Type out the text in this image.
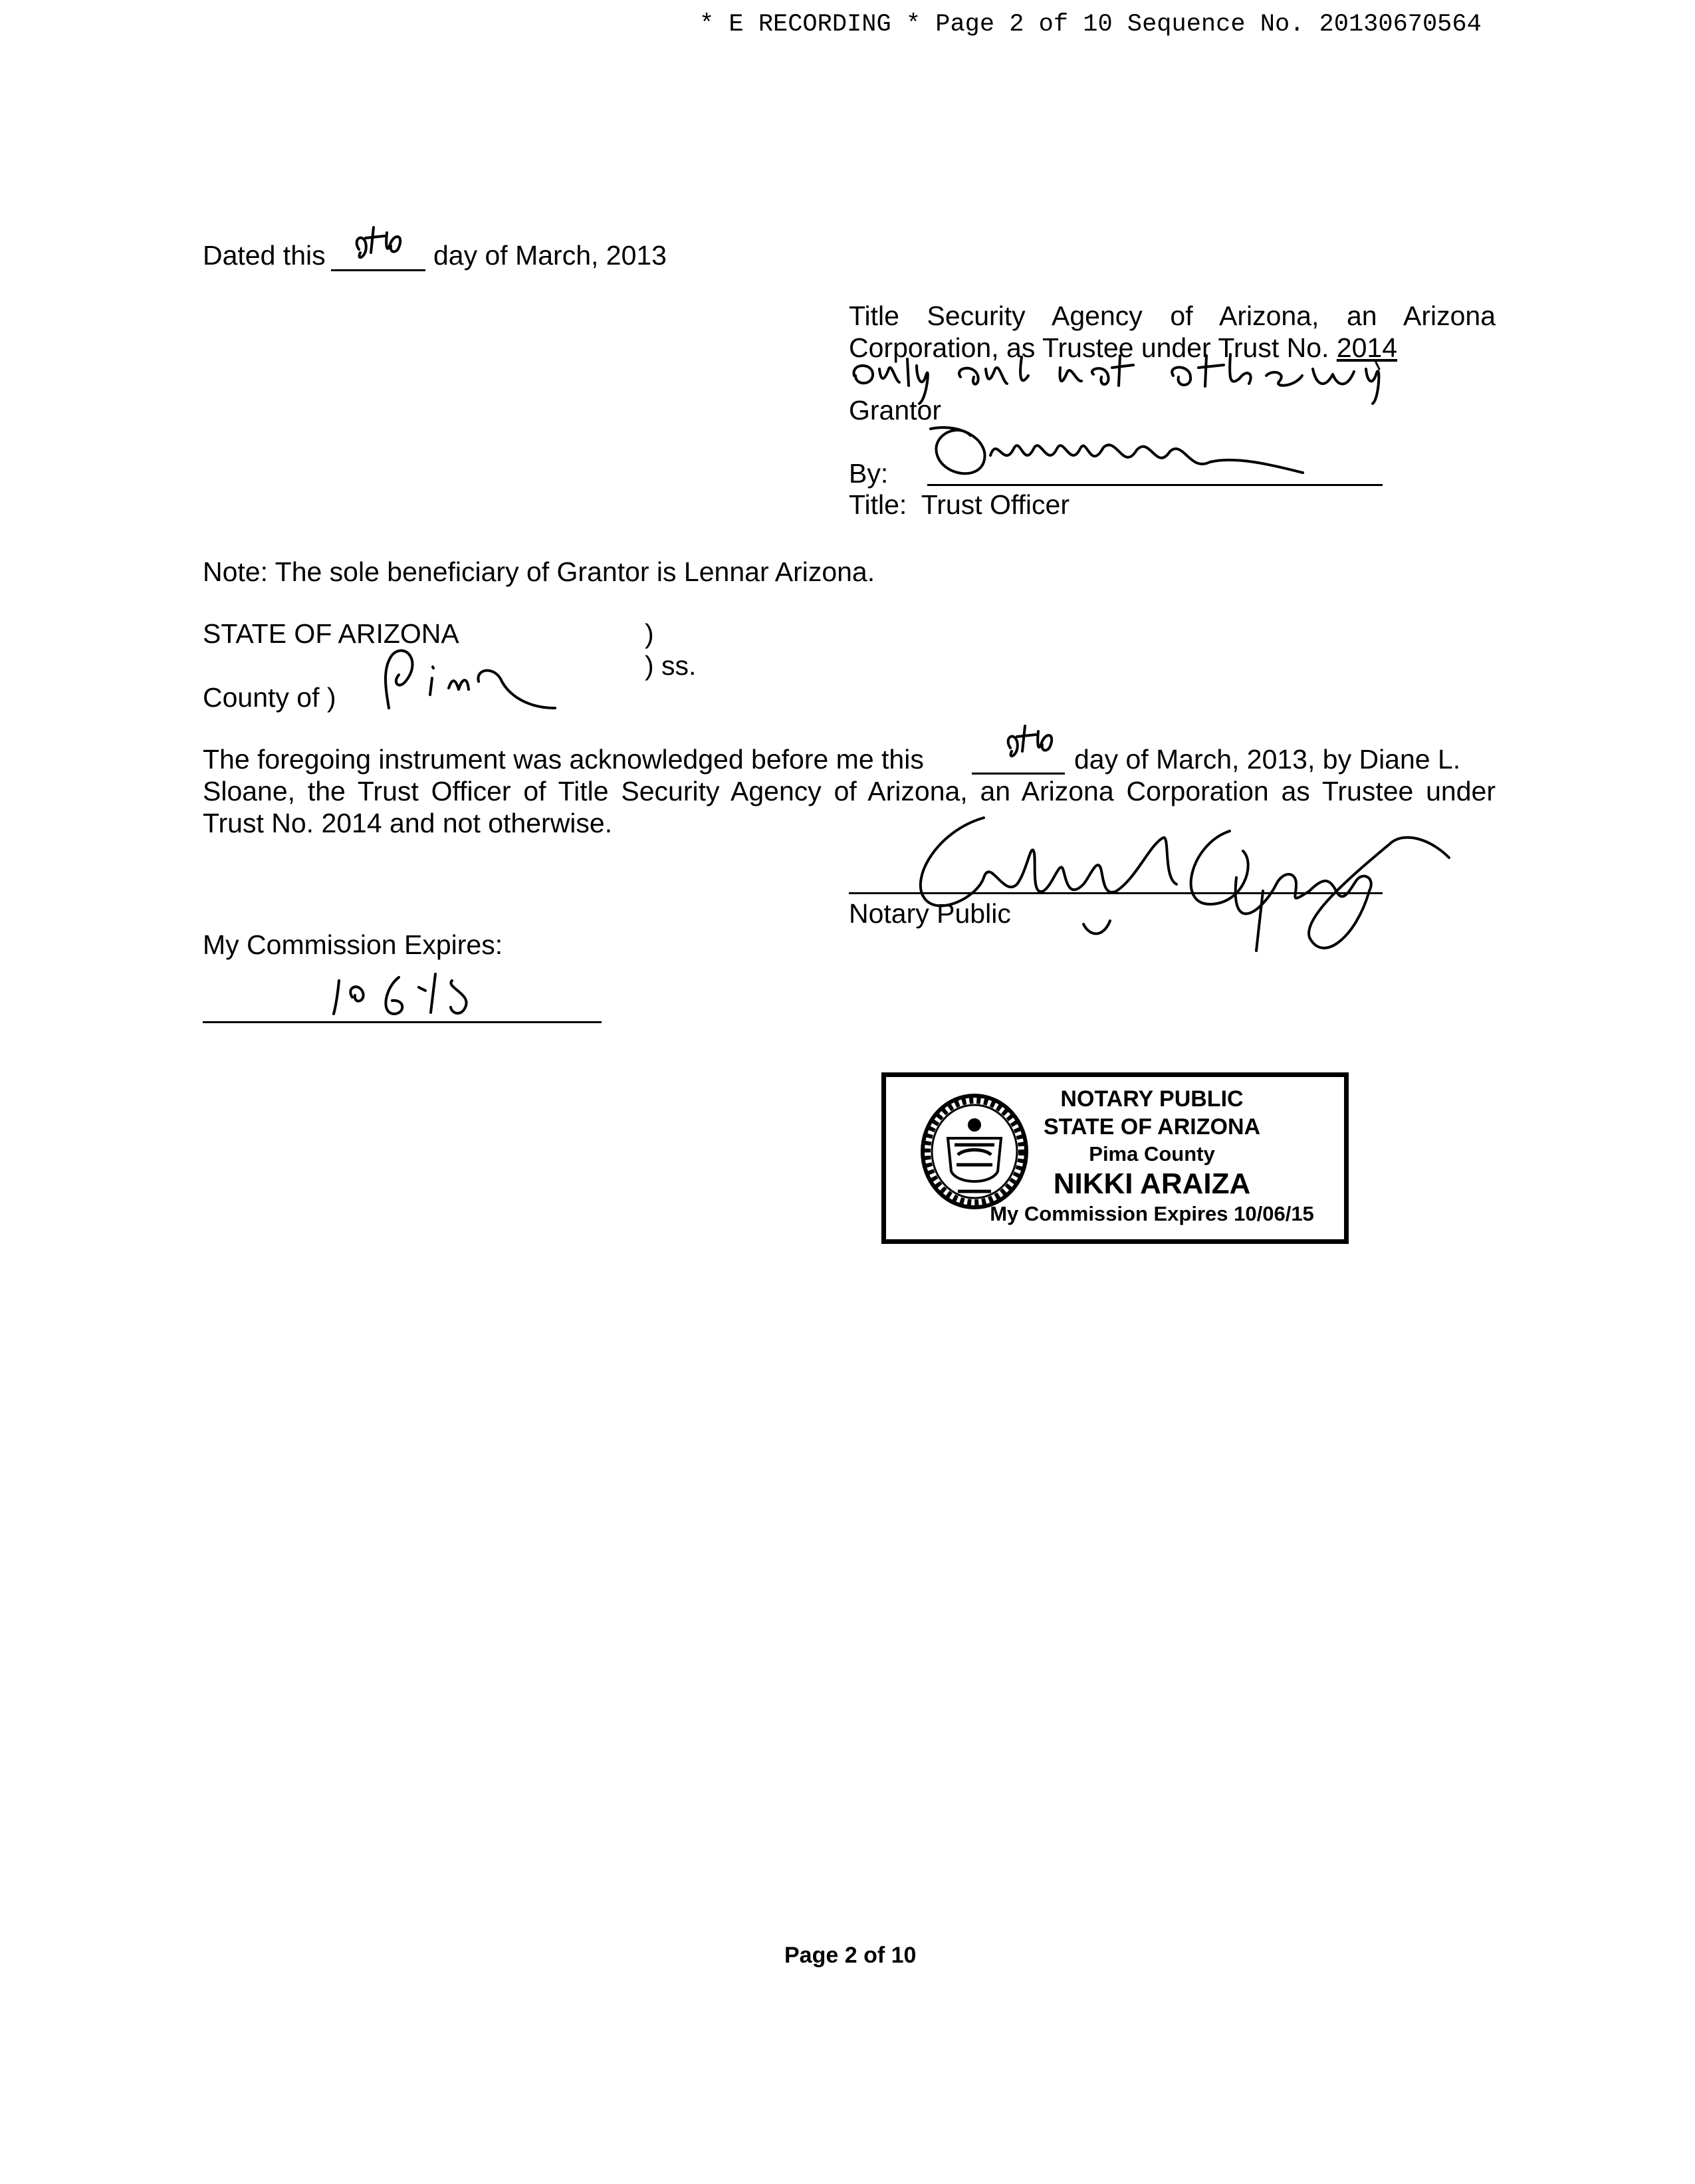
* E RECORDING * Page 2 of 10 Sequence No. 20130670564
Dated this	day of March, 2013
Title Security Agency of Arizona, an Arizona
Corporation, as Trustee under Trust No. 2014
Grantor
By:
Title: Trust Officer
Note: The sole beneficiary of Grantor is Lennar Arizona.
STATE OF ARIZONA	)
) ss.
County of )
The foregoing instrument was acknowledged before me this	day of March, 2013, by Diane L.
Sloane, the Trust Officer of Title Security Agency of Arizona, an Arizona Corporation as Trustee under
Trust No. 2014 and not otherwise.
Notary Public
My Commission Expires:
NOTARY PUBLIC
STATE OF ARIZONA
Pima County
NIKKI ARAIZA
My Commission Expires 10/06/15
Page 2 of 10
